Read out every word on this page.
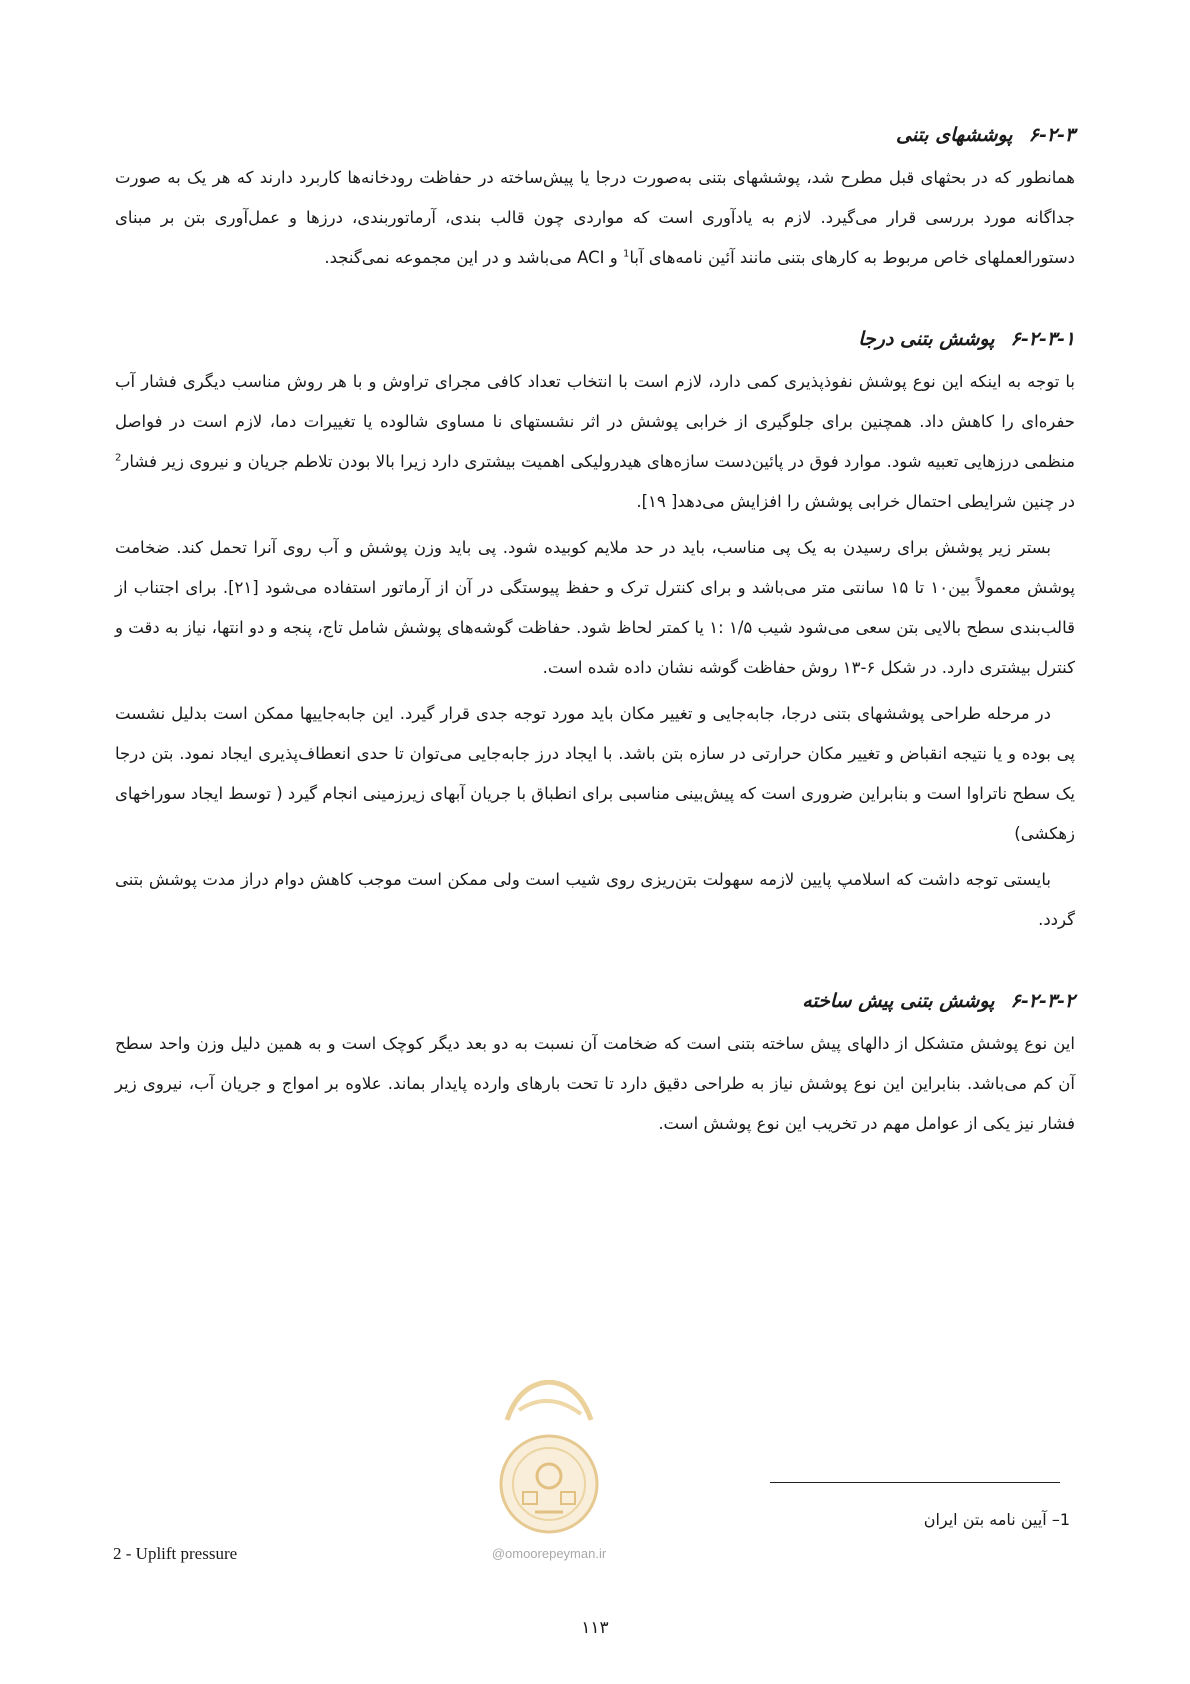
۶-۲-۳پوششهای بتنی

همانطور که در بحثهای قبل مطرح شد، پوششهای بتنی به‌صورت درجا یا پیش‌ساخته در حفاظت رودخانه‌ها کاربرد دارند که هر یک به صورت جداگانه مورد بررسی قرار می‌گیرد. لازم به یادآوری است که مواردی چون قالب بندی، آرماتوربندی، درزها و عمل‌آوری بتن بر مبنای دستورالعملهای خاص مربوط به کارهای بتنی مانند آئین نامه‌های آبا$^1$ و ACI می‌باشد و در این مجموعه نمی‌گنجد.

۶-۲-۳-۱پوشش بتنی درجا

با توجه به اینکه این نوع پوشش نفوذپذیری کمی دارد، لازم است با انتخاب تعداد کافی مجرای تراوش و با هر روش مناسب دیگری فشار آب حفره‌ای را کاهش داد. همچنین برای جلوگیری از خرابی پوشش در اثر نشستهای نا مساوی شالوده یا تغییرات دما، لازم است در فواصل منظمی درزهایی تعبیه شود. موارد فوق در پائین‌دست سازه‌های هیدرولیکی اهمیت بیشتری دارد زیرا بالا بودن تلاطم جریان و نیروی زیر فشار$^2$ در چنین شرایطی احتمال خرابی پوشش را افزایش می‌دهد[ ۱۹].

بستر زیر پوشش برای رسیدن به یک پی مناسب، باید در حد ملایم کوبیده شود. پی باید وزن پوشش و آب روی آنرا تحمل کند. ضخامت پوشش معمولاً بین۱۰ تا ۱۵ سانتی متر می‌باشد و برای کنترل ترک و حفظ پیوستگی در آن از آرماتور استفاده می‌شود [۲۱]. برای اجتناب از قالب‌بندی سطح بالایی بتن سعی می‌شود شیب ۱/۵ :۱ یا کمتر لحاظ شود. حفاظت گوشه‌های پوشش شامل تاج، پنجه و دو انتها، نیاز به دقت و کنترل بیشتری دارد. در شکل ۶-۱۳ روش حفاظت گوشه نشان داده شده است.

در مرحله طراحی پوششهای بتنی درجا، جابه‌جایی و تغییر مکان باید مورد توجه جدی قرار گیرد. این جابه‌جاییها ممکن است بدلیل نشست پی بوده و یا نتیجه انقباض و تغییر مکان حرارتی در سازه بتن باشد. با ایجاد درز جابه‌جایی می‌توان تا حدی انعطاف‌پذیری ایجاد نمود. بتن درجا یک سطح ناتراوا است و بنابراین ضروری است که پیش‌بینی مناسبی برای انطباق با جریان آبهای زیرزمینی انجام گیرد ( توسط ایجاد سوراخهای زهکشی)

بایستی توجه داشت که اسلامپ پایین لازمه سهولت بتن‌ریزی روی شیب است ولی ممکن است موجب کاهش دوام دراز مدت پوشش بتنی گردد.

۶-۲-۳-۲پوشش بتنی پیش ساخته

این نوع پوشش متشکل از دالهای پیش ساخته بتنی است که ضخامت آن نسبت به دو بعد دیگر کوچک است و به همین دلیل وزن واحد سطح آن کم می‌باشد. بنابراین این نوع پوشش نیاز به طراحی دقیق دارد تا تحت بارهای وارده پایدار بماند. علاوه بر امواج و جریان آب، نیروی زیر فشار نیز یکی از عوامل مهم در تخریب این نوع پوشش است.

@omoorepeyman.ir
1– آیین نامه بتن ایران
2 - Uplift pressure
۱۱۳
